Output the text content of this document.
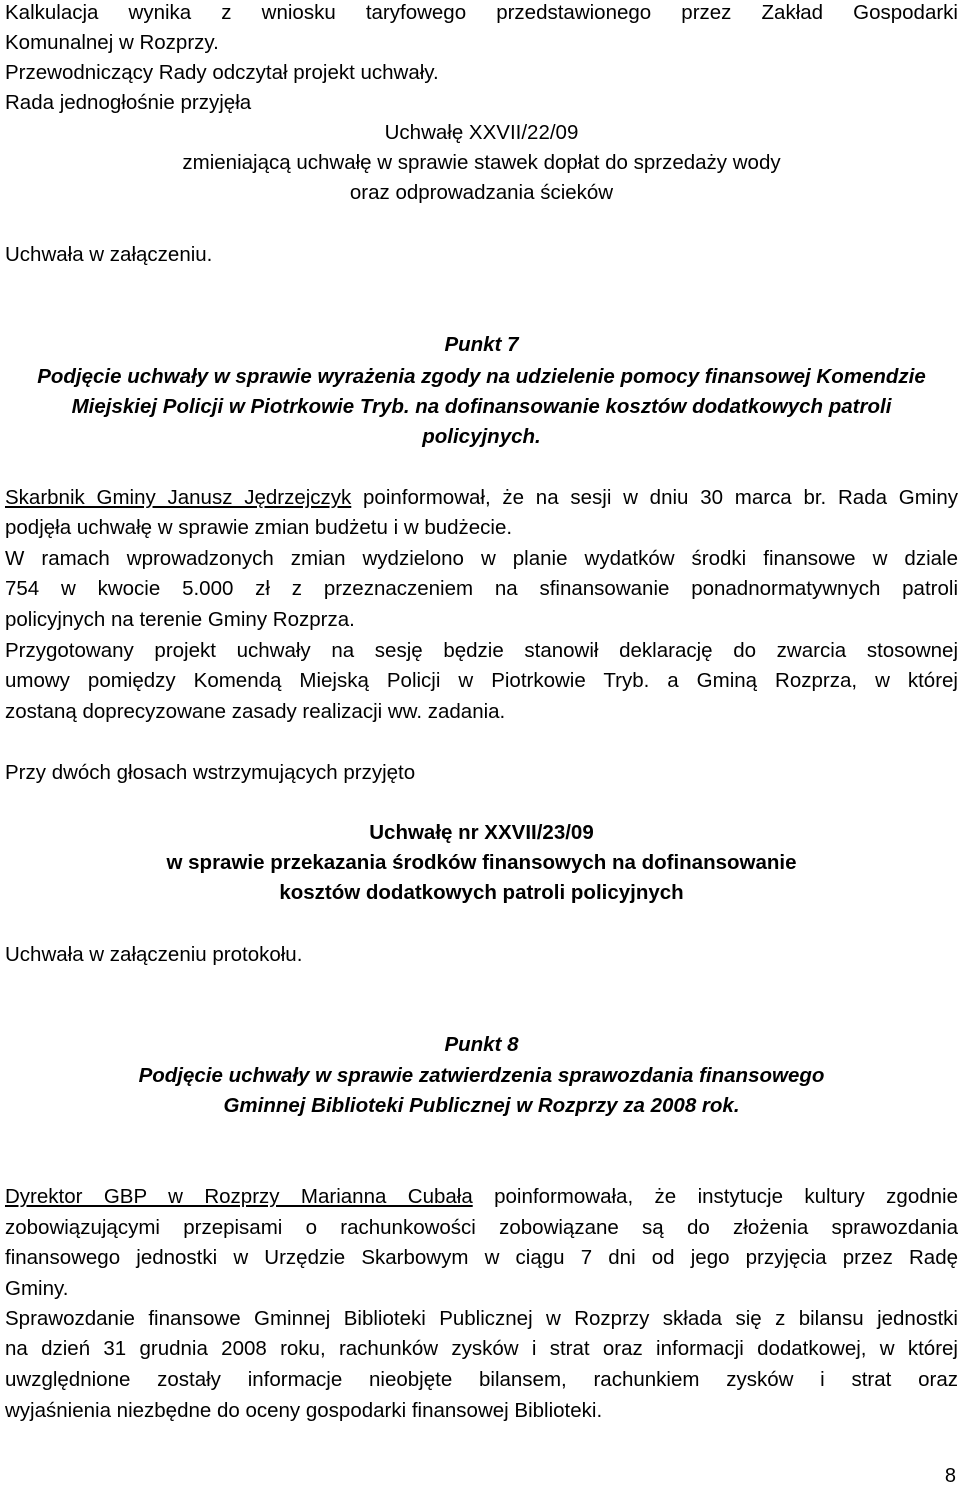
Kalkulacja wynika z wniosku taryfowego przedstawionego przez Zakład Gospodarki
Komunalnej w Rozprzy.
Przewodniczący Rady odczytał projekt uchwały.
Rada jednogłośnie przyjęła
Uchwałę XXVII/22/09
zmieniającą uchwałę w sprawie stawek dopłat do sprzedaży wody
oraz odprowadzania ścieków
Uchwała w załączeniu.
Punkt 7
Podjęcie uchwały w sprawie wyrażenia zgody na udzielenie pomocy finansowej Komendzie
Miejskiej Policji w Piotrkowie Tryb. na dofinansowanie kosztów dodatkowych patroli
policyjnych.
Skarbnik Gminy Janusz Jędrzejczyk poinformował, że na sesji w dniu 30 marca br. Rada Gminy
podjęła uchwałę w sprawie zmian budżetu i w budżecie.
W ramach wprowadzonych zmian wydzielono w planie wydatków środki finansowe w dziale
754 w kwocie 5.000 zł z przeznaczeniem na sfinansowanie ponadnormatywnych patroli
policyjnych na terenie Gminy Rozprza.
Przygotowany projekt uchwały na sesję będzie stanowił deklarację do zwarcia stosownej
umowy pomiędzy Komendą Miejską Policji w Piotrkowie Tryb. a Gminą Rozprza, w której
zostaną doprecyzowane zasady realizacji ww. zadania.
Przy dwóch głosach wstrzymujących przyjęto
Uchwałę nr XXVII/23/09
w sprawie przekazania środków finansowych na dofinansowanie
kosztów dodatkowych patroli policyjnych
Uchwała w załączeniu protokołu.
Punkt 8
Podjęcie uchwały w sprawie zatwierdzenia sprawozdania finansowego
Gminnej Biblioteki Publicznej w Rozprzy za 2008 rok.
Dyrektor GBP w Rozprzy Marianna Cubała poinformowała, że instytucje kultury zgodnie
zobowiązującymi przepisami o rachunkowości zobowiązane są do złożenia sprawozdania
finansowego jednostki w Urzędzie Skarbowym w ciągu 7 dni od jego przyjęcia przez Radę
Gminy.
Sprawozdanie finansowe Gminnej Biblioteki Publicznej w Rozprzy składa się z bilansu jednostki
na dzień 31 grudnia 2008 roku, rachunków zysków i strat oraz informacji dodatkowej, w której
uwzględnione zostały informacje nieobjęte bilansem, rachunkiem zysków i strat oraz
wyjaśnienia niezbędne do oceny gospodarki finansowej Biblioteki.
8
